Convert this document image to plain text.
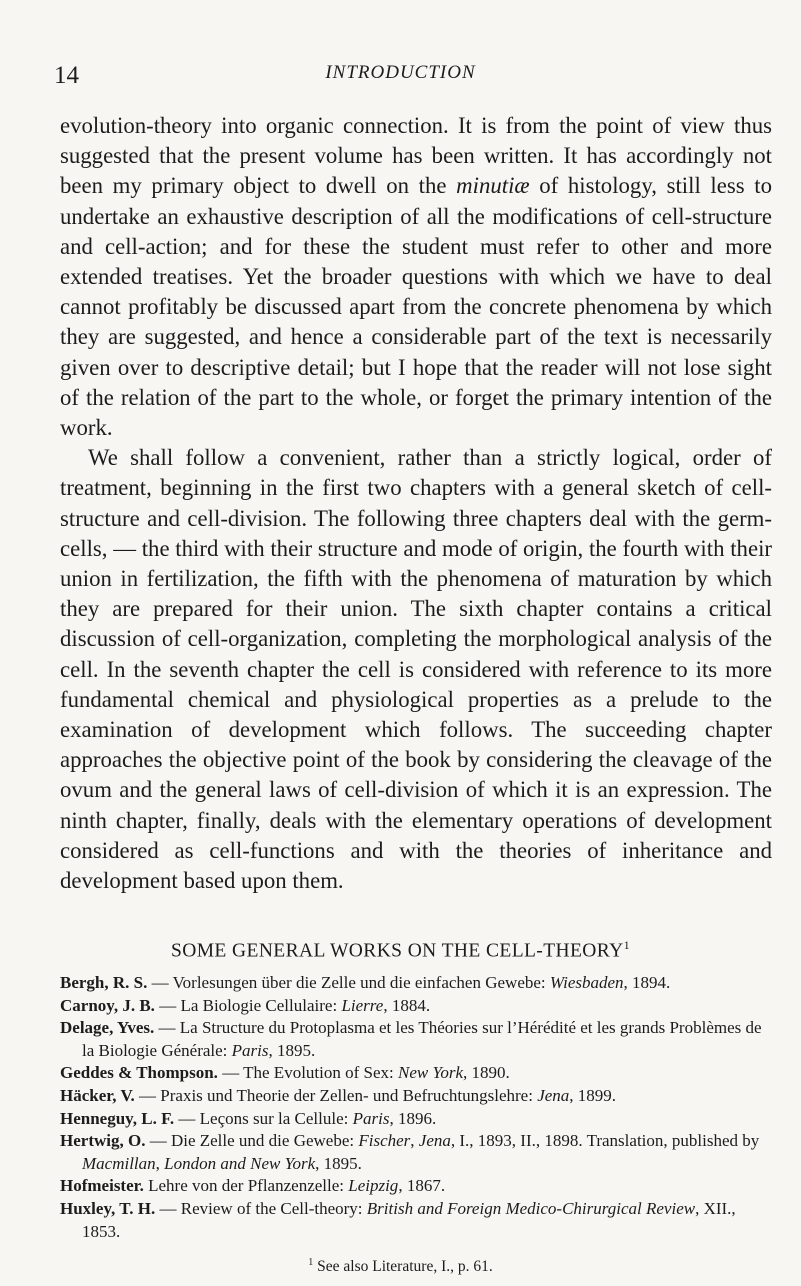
14	INTRODUCTION

evolution-theory into organic connection. It is from the point of view thus suggested that the present volume has been written. It has accordingly not been my primary object to dwell on the minutiæ of histology, still less to undertake an exhaustive description of all the modifications of cell-structure and cell-action; and for these the student must refer to other and more extended treatises. Yet the broader questions with which we have to deal cannot profitably be discussed apart from the concrete phenomena by which they are suggested, and hence a considerable part of the text is necessarily given over to descriptive detail; but I hope that the reader will not lose sight of the relation of the part to the whole, or forget the primary intention of the work.

We shall follow a convenient, rather than a strictly logical, order of treatment, beginning in the first two chapters with a general sketch of cell-structure and cell-division. The following three chapters deal with the germ-cells, — the third with their structure and mode of origin, the fourth with their union in fertilization, the fifth with the phenomena of maturation by which they are prepared for their union. The sixth chapter contains a critical discussion of cell-organization, completing the morphological analysis of the cell. In the seventh chapter the cell is considered with reference to its more fundamental chemical and physiological properties as a prelude to the examination of development which follows. The succeeding chapter approaches the objective point of the book by considering the cleavage of the ovum and the general laws of cell-division of which it is an expression. The ninth chapter, finally, deals with the elementary operations of development considered as cell-functions and with the theories of inheritance and development based upon them.

SOME GENERAL WORKS ON THE CELL-THEORY$^1$

Bergh, R. S. — Vorlesungen über die Zelle und die einfachen Gewebe: Wiesbaden, 1894.

Carnoy, J. B. — La Biologie Cellulaire: Lierre, 1884.

Delage, Yves. — La Structure du Protoplasma et les Théories sur l’Hérédité et les grands Problèmes de la Biologie Générale: Paris, 1895.

Geddes & Thompson. — The Evolution of Sex: New York, 1890.

Häcker, V. — Praxis und Theorie der Zellen- und Befruchtungslehre: Jena, 1899.

Henneguy, L. F. — Leçons sur la Cellule: Paris, 1896.

Hertwig, O. — Die Zelle und die Gewebe: Fischer, Jena, I., 1893, II., 1898. Translation, published by Macmillan, London and New York, 1895.

Hofmeister. Lehre von der Pflanzenzelle: Leipzig, 1867.

Huxley, T. H. — Review of the Cell-theory: British and Foreign Medico-Chirurgical Review, XII., 1853.

$^1$ See also Literature, I., p. 61.
